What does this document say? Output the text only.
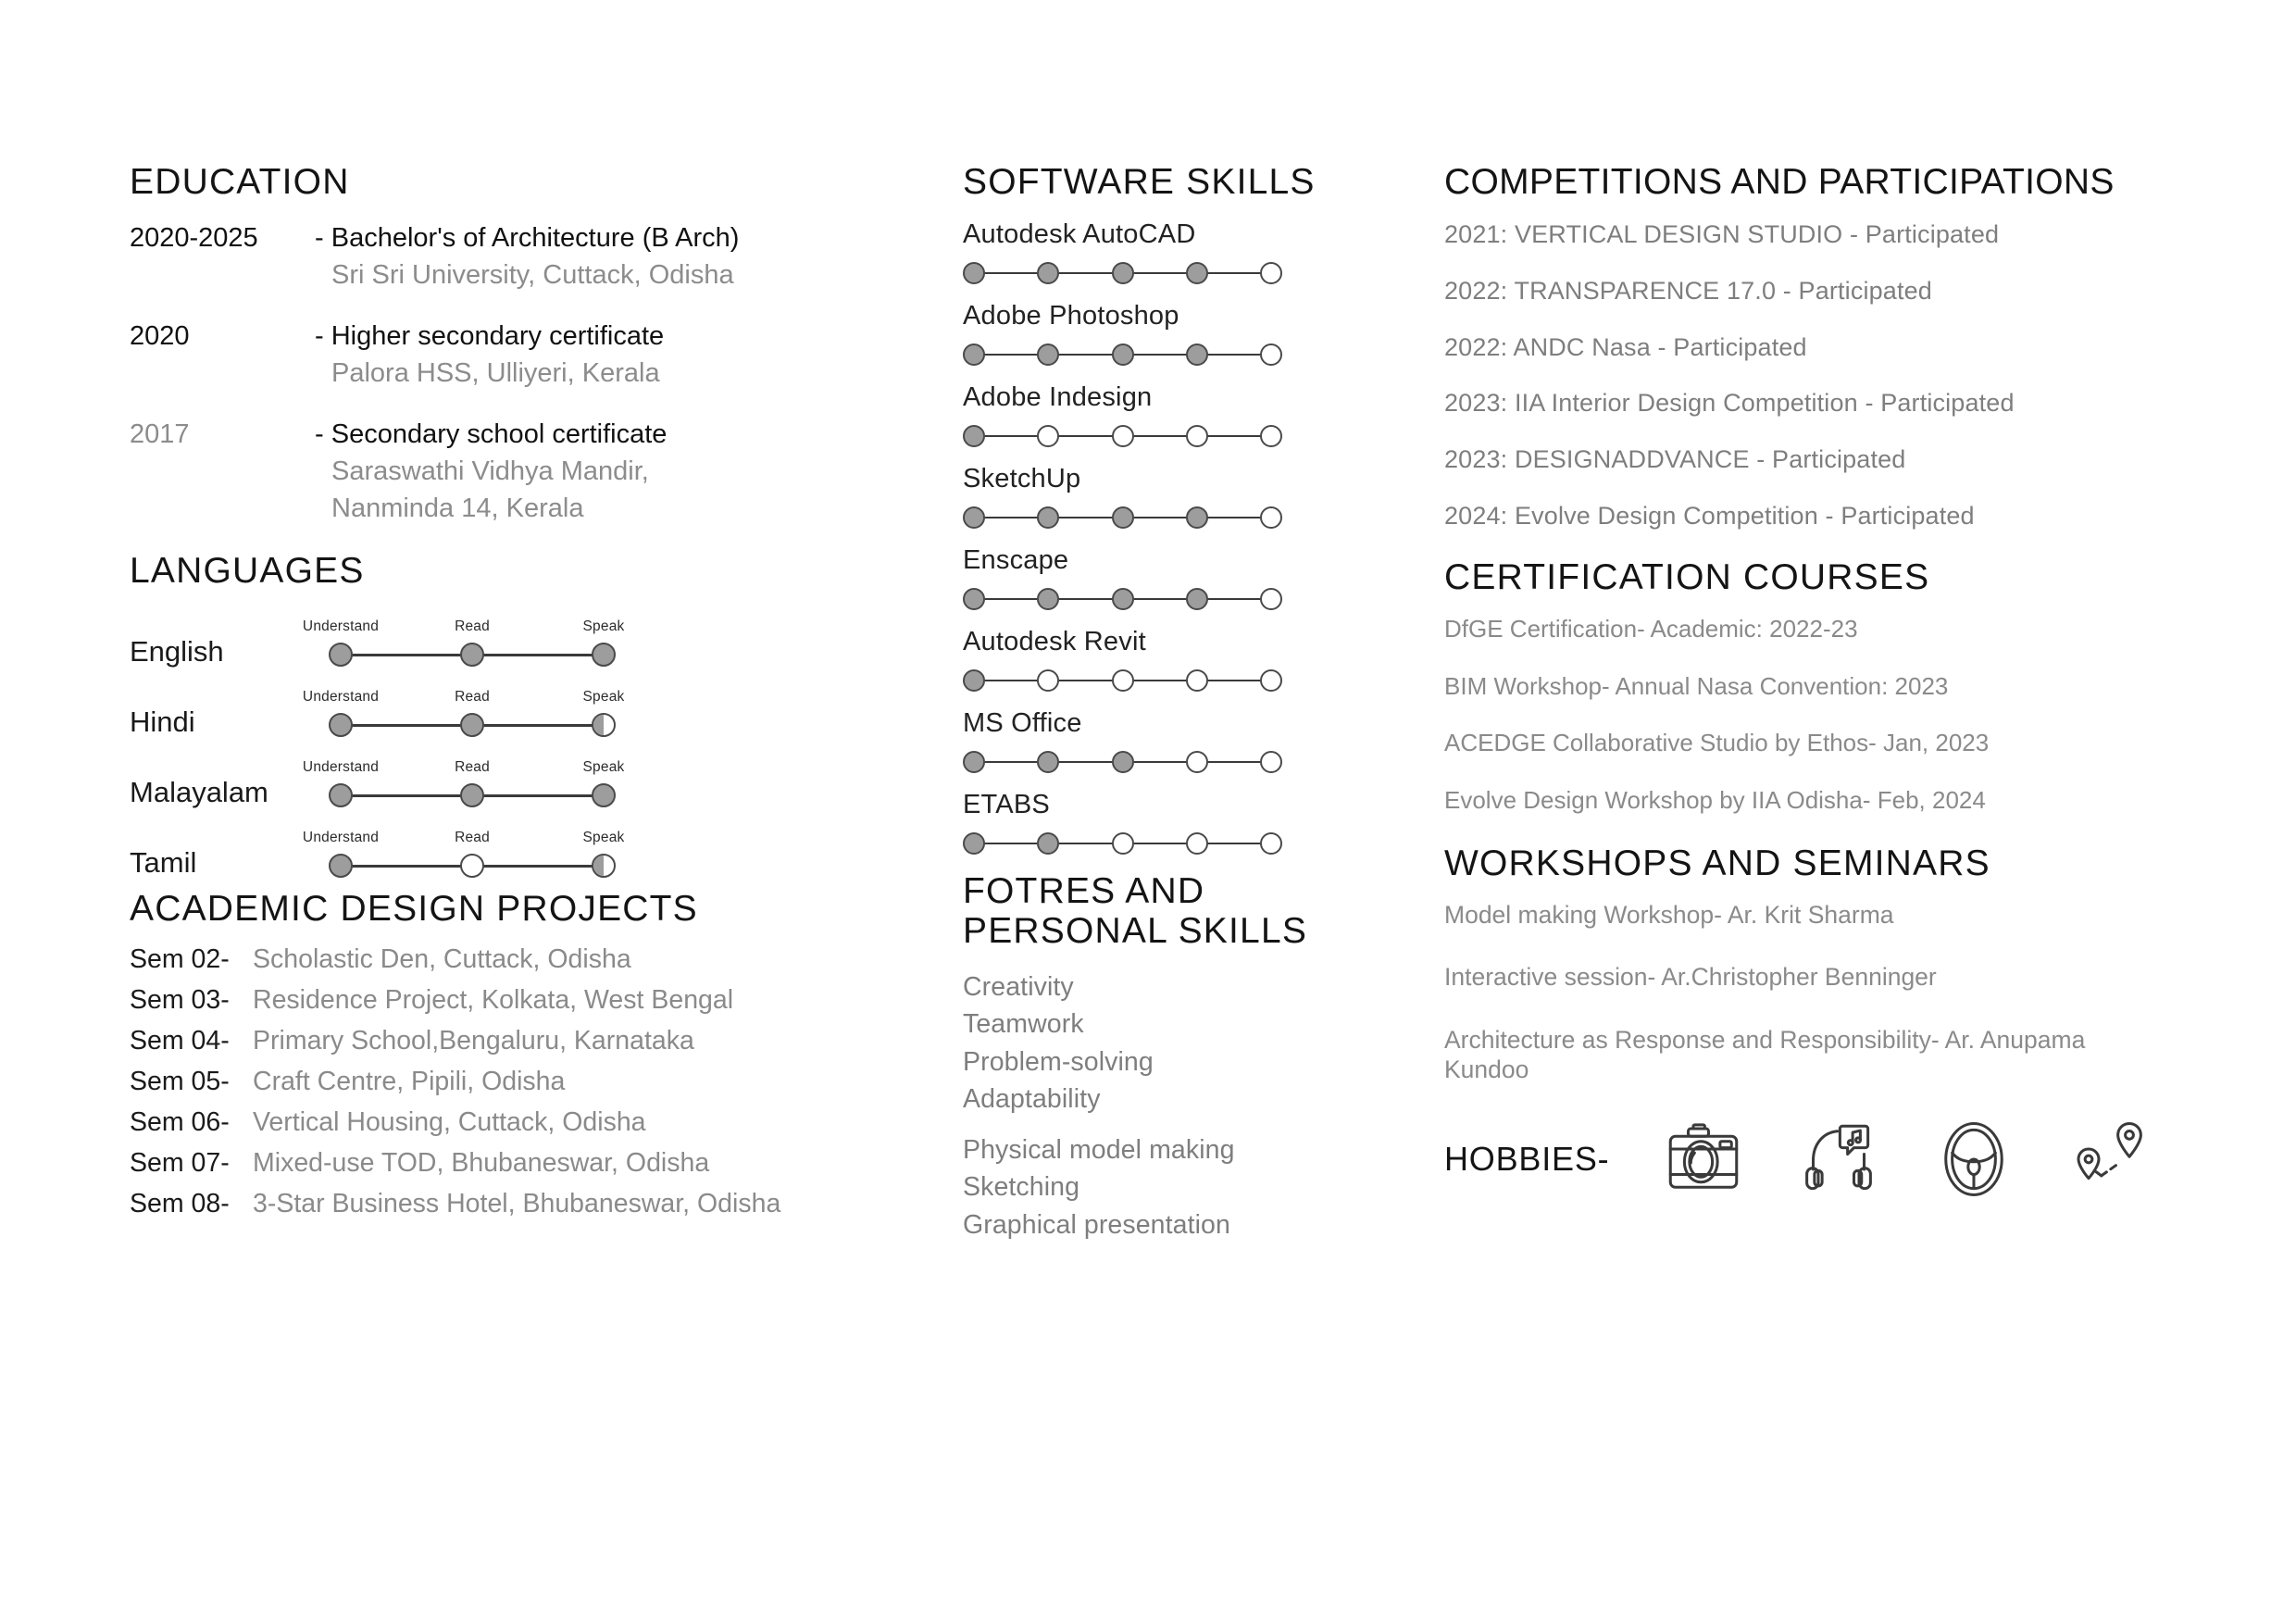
EDUCATION
2020-2025	- Bachelor's of Architecture (B Arch)
Sri Sri University, Cuttack, Odisha
2020	- Higher secondary certificate
Palora HSS, Ulliyeri, Kerala
2017	- Secondary school certificate
Saraswathi Vidhya Mandir,
Nanminda 14, Kerala
LANGUAGES
English
Understand	Read	Speak
Hindi
Understand	Read	Speak
Malayalam
Understand	Read	Speak
Tamil
Understand	Read	Speak
ACADEMIC DESIGN PROJECTS
Sem 02- Scholastic Den, Cuttack, Odisha
Sem 03- Residence Project, Kolkata, West Bengal
Sem 04- Primary School,Bengaluru, Karnataka
Sem 05- Craft Centre, Pipili, Odisha
Sem 06- Vertical Housing, Cuttack, Odisha
Sem 07- Mixed-use TOD, Bhubaneswar, Odisha
Sem 08- 3-Star Business Hotel, Bhubaneswar, Odisha
SOFTWARE SKILLS
Autodesk AutoCAD
Adobe Photoshop
Adobe Indesign
SketchUp
Enscape
Autodesk Revit
MS Office
ETABS
FOTRES AND
PERSONAL SKILLS
Creativity
Teamwork
Problem-solving
Adaptability
Physical model making
Sketching
Graphical presentation
COMPETITIONS AND PARTICIPATIONS
2021: VERTICAL DESIGN STUDIO - Participated
2022: TRANSPARENCE 17.0 - Participated
2022: ANDC Nasa - Participated
2023: IIA Interior Design Competition - Participated
2023: DESIGNADDVANCE - Participated
2024: Evolve Design Competition - Participated
CERTIFICATION COURSES
DfGE Certification- Academic: 2022-23
BIM Workshop- Annual Nasa Convention: 2023
ACEDGE Collaborative Studio by Ethos- Jan, 2023
Evolve Design Workshop by IIA Odisha- Feb, 2024
WORKSHOPS AND SEMINARS
Model making Workshop- Ar. Krit Sharma
Interactive session- Ar.Christopher Benninger
Architecture as Response and Responsibility- Ar. Anupama Kundoo
HOBBIES-
